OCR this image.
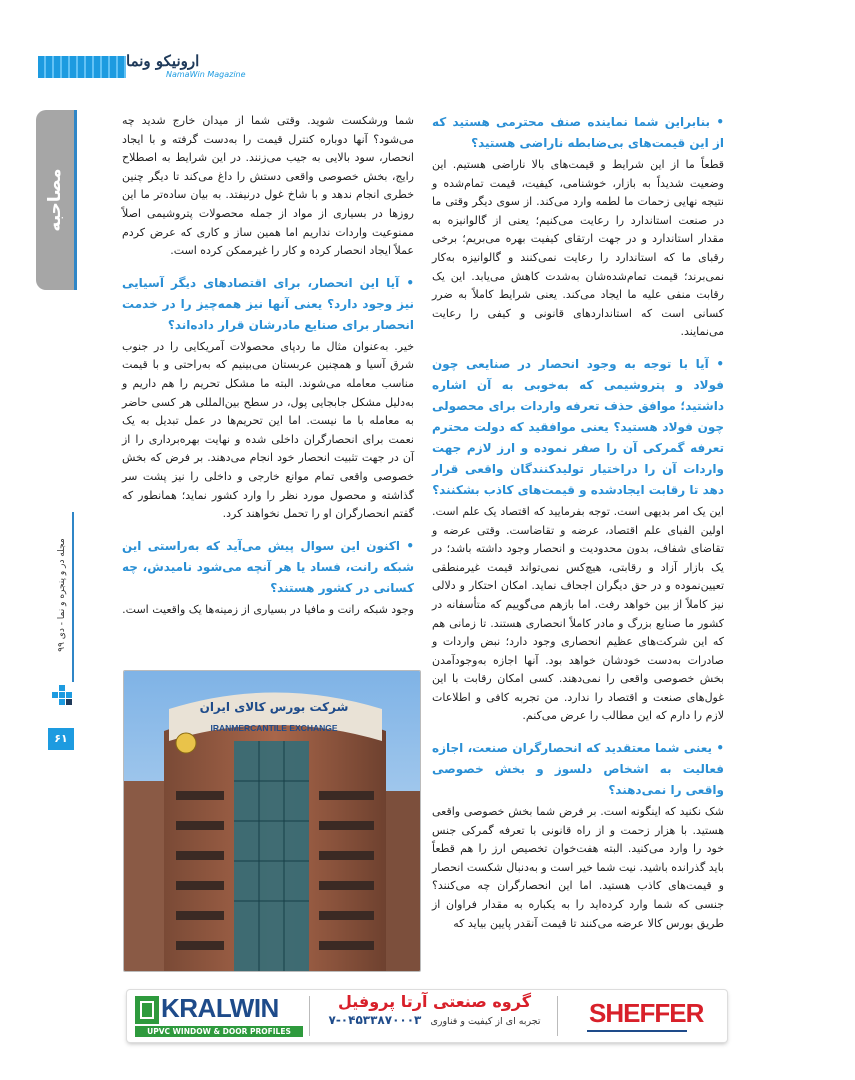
ارونیکو ونما
NamaWin Magazine
مصاحبه
مجله در و پنجره و نما - دی ۹۹
۶۱

• بنابراین شما نماینده صنف محترمی هستید که از این قیمت‌های بی‌ضابطه ناراضی هستید؟

قطعاً ما از این شرایط و قیمت‌های بالا ناراضی هستیم. این وضعیت شدیداً به بازار، خوشنامی، کیفیت، قیمت تمام‌شده و نتیجه نهایی زحمات ما لطمه وارد می‌کند. از سوی دیگر وقتی ما در صنعت استاندارد را رعایت می‌کنیم؛ یعنی از گالوانیزه به مقدار استاندارد و در جهت ارتقای کیفیت بهره می‌بریم؛ برخی رقبای ما که استاندارد را رعایت نمی‌کنند و گالوانیزه به‌کار نمی‌برند؛ قیمت تمام‌شده‌شان به‌شدت کاهش می‌یابد. این یک رقابت منفی علیه ما ایجاد می‌کند. یعنی شرایط کاملاً به ضرر کسانی است که استانداردهای قانونی و کیفی را رعایت می‌نمایند.

• آیا با توجه به وجود انحصار در صنایعی چون فولاد و پتروشیمی که به‌خوبی به آن اشاره داشتید؛ موافق حذف تعرفه واردات برای محصولی چون فولاد هستید؟ یعنی موافقید که دولت محترم تعرفه گمرکی آن را صفر نموده و ارز لازم جهت واردات آن را دراختیار تولیدکنندگان واقعی قرار دهد تا رقابت ایجادشده و قیمت‌های کاذب بشکنند؟

این یک امر بدیهی است. توجه بفرمایید که اقتصاد یک علم است. اولین الفبای علم اقتصاد، عرضه و تقاضاست. وقتی عرضه و تقاضای شفاف، بدون محدودیت و انحصار وجود داشته باشد؛ در یک بازار آزاد و رقابتی، هیچ‌کس نمی‌تواند قیمت غیرمنطقی تعیین‌نموده و در حق دیگران اجحاف نماید. امکان احتکار و دلالی نیز کاملاً از بین خواهد رفت. اما بازهم می‌گوییم که متأسفانه در کشور ما صنایع بزرگ و مادر کاملاً انحصاری هستند. تا زمانی هم که این شرکت‌های عظیم انحصاری وجود دارد؛ نبض واردات و صادرات به‌دست خودشان خواهد بود. آنها اجازه به‌وجودآمدن بخش خصوصی واقعی را نمی‌دهند. کسی امکان رقابت با این غول‌های صنعت و اقتصاد را ندارد. من تجربه کافی و اطلاعات لازم را دارم که این مطالب را عرض می‌کنم.

• یعنی شما معتقدید که انحصارگران صنعت، اجازه فعالیت به اشخاص دلسوز و بخش خصوصی واقعی را نمی‌دهند؟

شک نکنید که اینگونه است. بر فرض شما بخش خصوصی واقعی هستید. با هزار زحمت و از راه قانونی با تعرفه گمرکی جنس خود را وارد می‌کنید. البته هفت‌خوان تخصیص ارز را هم قطعاً باید گذرانده باشید. نیت شما خیر است و به‌دنبال شکست انحصار و قیمت‌های کاذب هستید. اما این انحصارگران چه می‌کنند؟ جنسی که شما وارد کرده‌اید را به یکباره به مقدار فراوان از طریق بورس کالا عرضه می‌کنند تا قیمت آنقدر پایین بیاید که

شما ورشکست شوید. وقتی شما از میدان خارج شدید چه می‌شود؟ آنها دوباره کنترل قیمت را به‌دست گرفته و با ایجاد انحصار، سود بالایی به جیب می‌زنند. در این شرایط به اصطلاح رایج، بخش خصوصی واقعی دستش را داغ می‌کند تا دیگر چنین خطری انجام ندهد و با شاخ غول درنیفتد. به بیان ساده‌تر ما این روزها در بسیاری از مواد از جمله محصولات پتروشیمی اصلاً ممنوعیت واردات نداریم اما همین ساز و کاری که عرض کردم عملاً ایجاد انحصار کرده و کار را غیرممکن کرده است.

• آیا این انحصار، برای اقتصادهای دیگر آسیایی نیز وجود دارد؟ یعنی آنها نیز همه‌چیز را در خدمت انحصار برای صنایع مادرشان قرار داده‌اند؟

خیر. به‌عنوان مثال ما ردپای محصولات آمریکایی را در جنوب شرق آسیا و همچنین عربستان می‌بینیم که به‌راحتی و با قیمت مناسب معامله می‌شوند. البته ما مشکل تحریم را هم داریم و به‌دلیل مشکل جابجایی پول، در سطح بین‌المللی هر کسی حاضر به معامله با ما نیست. اما این تحریم‌ها در عمل تبدیل به یک نعمت برای انحصارگران داخلی شده و نهایت بهره‌برداری را از آن در جهت تثبیت انحصار خود انجام می‌دهند. بر فرض که بخش خصوصی واقعی تمام موانع خارجی و داخلی را نیز پشت سر گذاشته و محصول مورد نظر را وارد کشور نماید؛ همانطور که گفتم انحصارگران او را تحمل نخواهند کرد.

• اکنون این سوال پیش می‌آید که به‌راستی این شبکه رانت، فساد یا هر آنچه می‌شود نامیدش، چه کسانی در کشور هستند؟

وجود شبکه رانت و مافیا در بسیاری از زمینه‌ها یک واقعیت است.

شرکت بورس کالای ایران
IRANMERCANTILE EXCHANGE
KRALWIN
UPVC WINDOW & DOOR PROFILES
گروه صنعتی آرتا پروفیل
تجربه ای از کیفیت و فناوری   ۰۴۵۳۳۸۷۰۰۰۳-۷	SHEFFER
